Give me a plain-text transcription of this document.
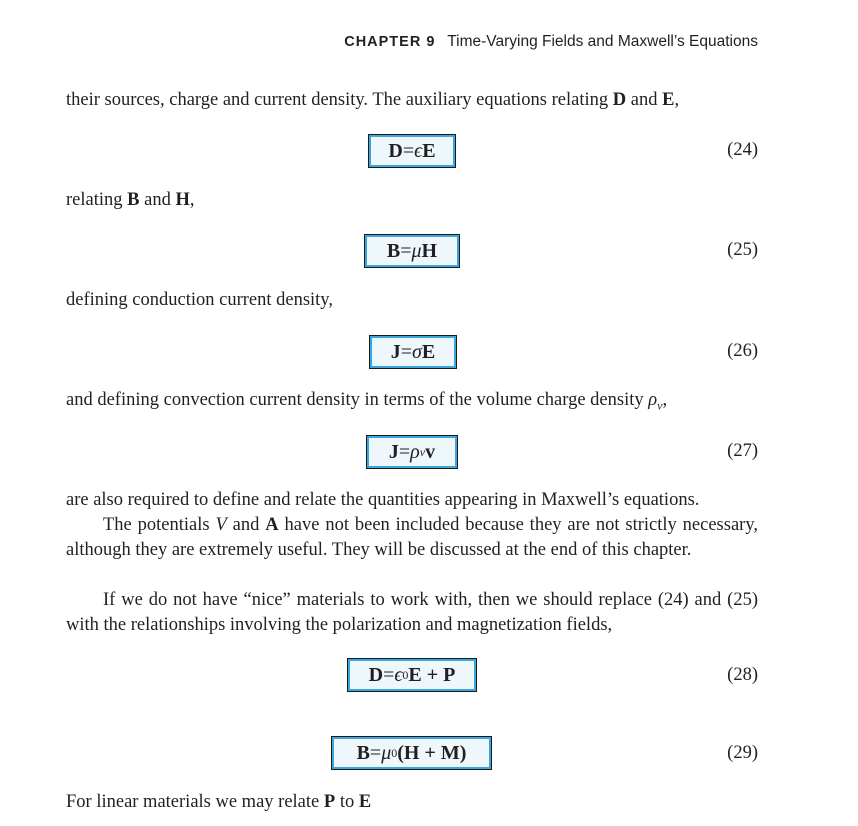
CHAPTER 9 Time-Varying Fields and Maxwell’s Equations
their sources, charge and current density. The auxiliary equations relating D and E,
D = ϵ E	(24)
relating B and H,
B = μ H	(25)
defining conduction current density,
J = σ E	(26)
and defining convection current density in terms of the volume charge density $\rho_\nu$,
J = ρ ν v	(27)
are also required to define and relate the quantities appearing in Maxwell’s equations.
The potentials V and A have not been included because they are not strictly necessary, although they are extremely useful. They will be discussed at the end of this chapter.
If we do not have “nice” materials to work with, then we should replace (24) and (25) with the relationships involving the polarization and magnetization fields,
D = ϵ 0 E + P	(28)
B = μ 0 (H + M)	(29)
For linear materials we may relate P to E
